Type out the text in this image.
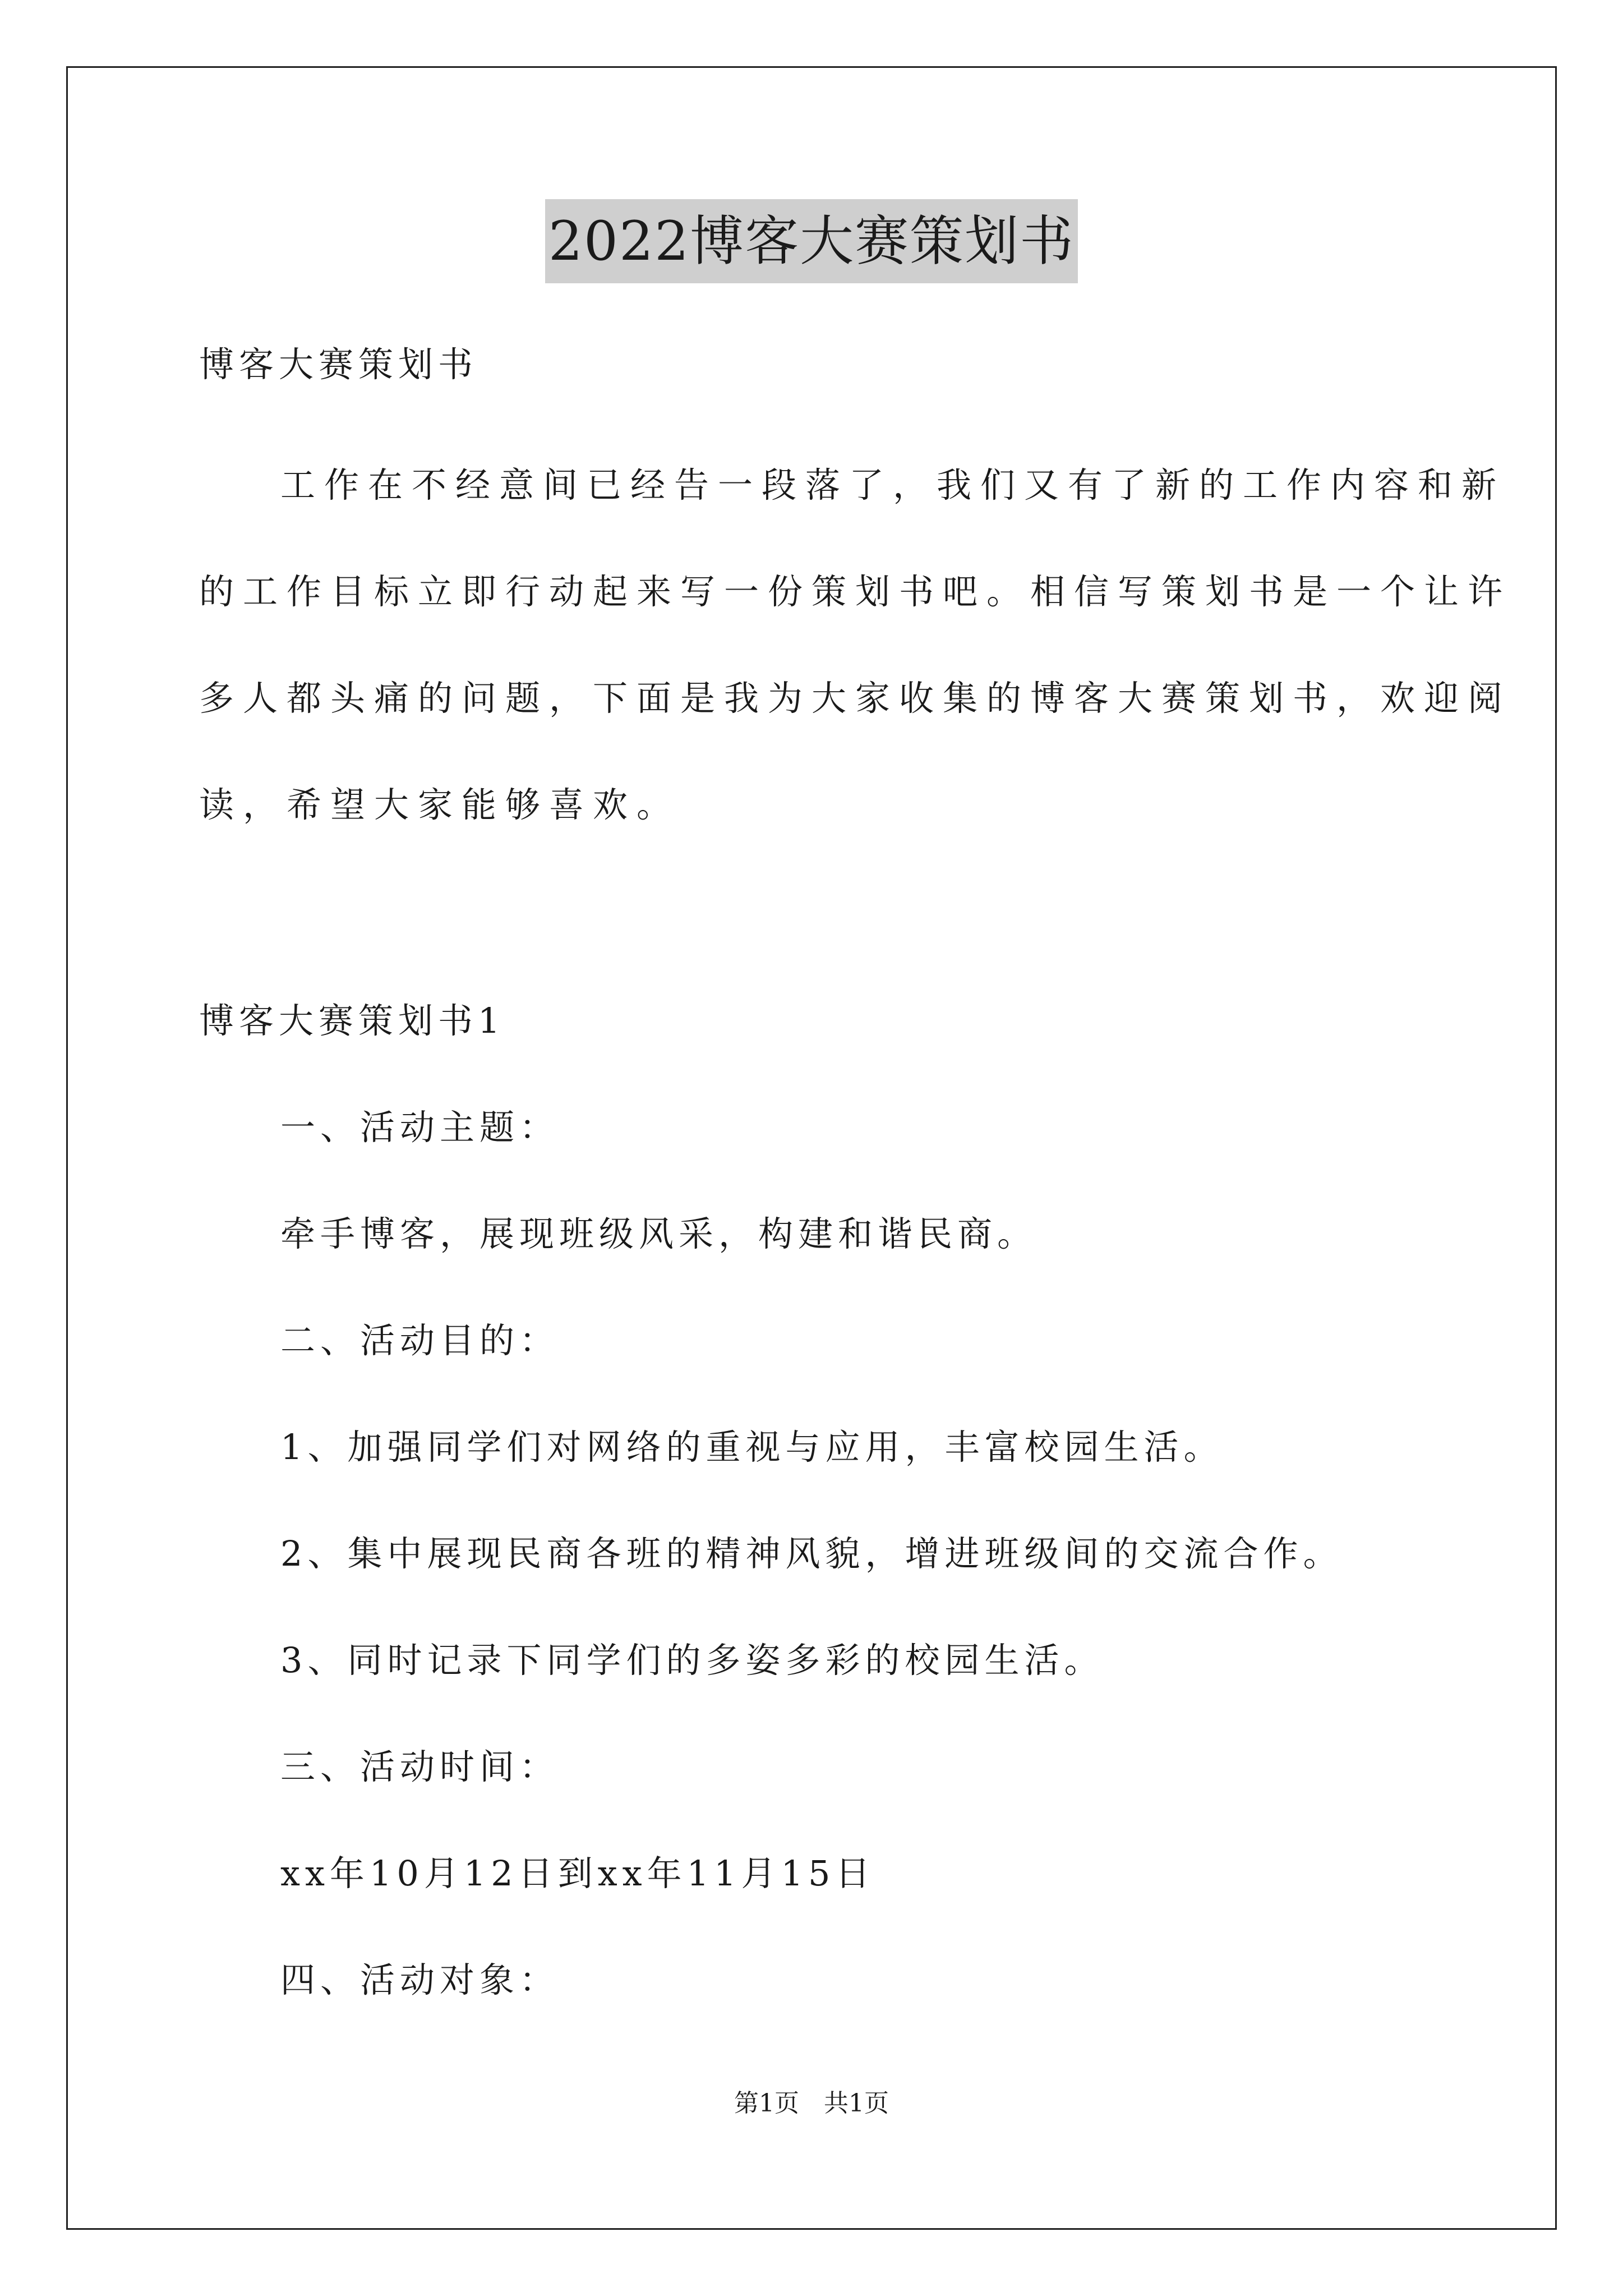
2022博客大赛策划书

博客大赛策划书

工作在不经意间已经告一段落了，我们又有了新的工作内容和新

的工作目标立即行动起来写一份策划书吧。相信写策划书是一个让许

多人都头痛的问题，下面是我为大家收集的博客大赛策划书，欢迎阅

读，希望大家能够喜欢。

博客大赛策划书1

一、活动主题：

牵手博客，展现班级风采，构建和谐民商。

二、活动目的：

1、加强同学们对网络的重视与应用，丰富校园生活。

2、集中展现民商各班的精神风貌，增进班级间的交流合作。

3、同时记录下同学们的多姿多彩的校园生活。

三、活动时间：

xx年10月12日到xx年11月15日

四、活动对象：

第1页　共1页
